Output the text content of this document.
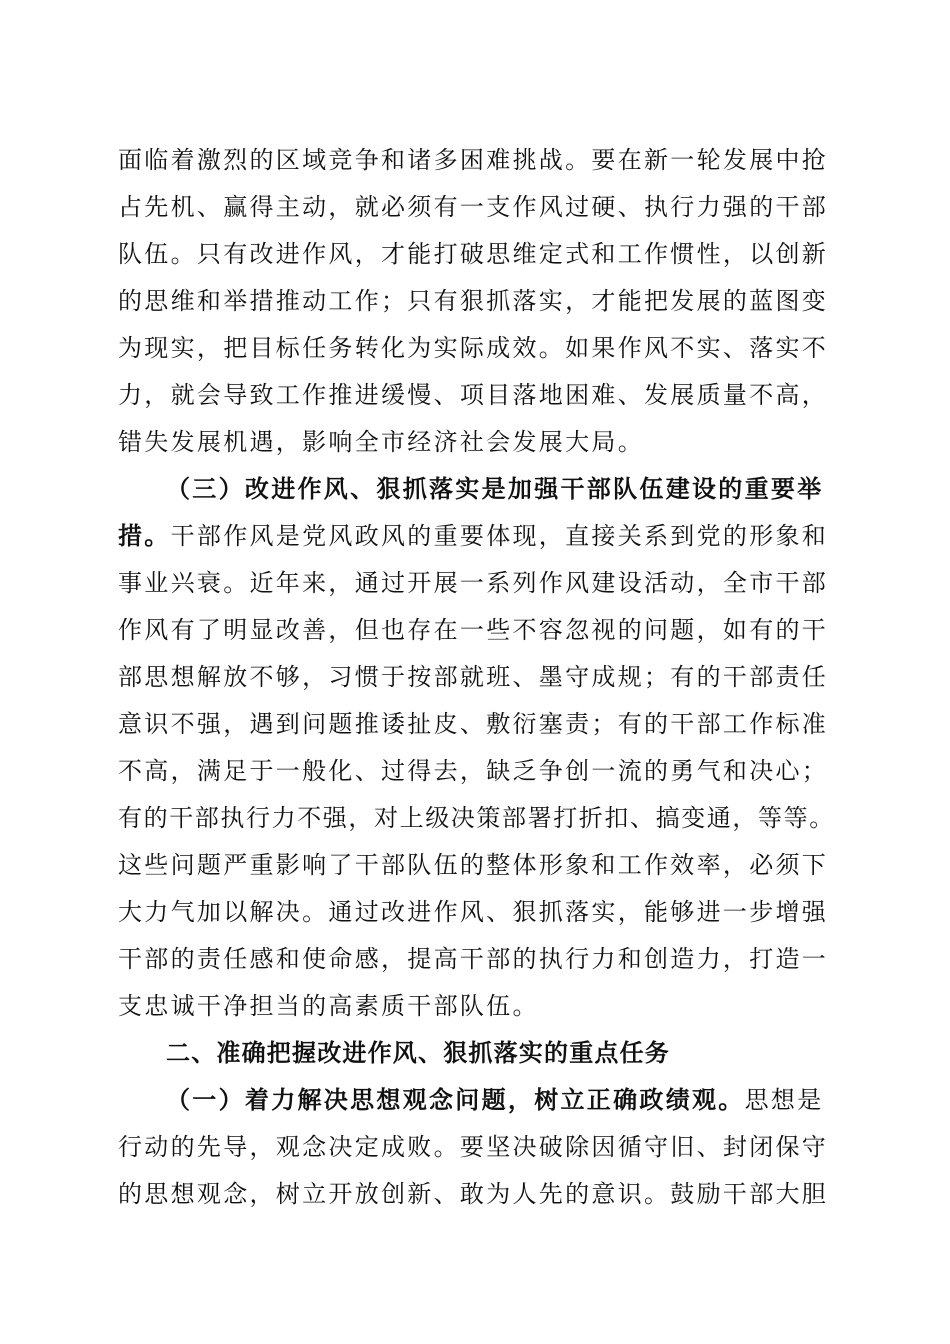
面临着激烈的区域竞争和诸多困难挑战。要在新一轮发展中抢
占先机、赢得主动，就必须有一支作风过硬、执行力强的干部
队伍。只有改进作风，才能打破思维定式和工作惯性，以创新
的思维和举措推动工作；只有狠抓落实，才能把发展的蓝图变
为现实，把目标任务转化为实际成效。如果作风不实、落实不
力，就会导致工作推进缓慢、项目落地困难、发展质量不高，
错失发展机遇，影响全市经济社会发展大局。
（三）改进作风、狠抓落实是加强干部队伍建设的重要举
措。干部作风是党风政风的重要体现，直接关系到党的形象和
事业兴衰。近年来，通过开展一系列作风建设活动，全市干部
作风有了明显改善，但也存在一些不容忽视的问题，如有的干
部思想解放不够，习惯于按部就班、墨守成规；有的干部责任
意识不强，遇到问题推诿扯皮、敷衍塞责；有的干部工作标准
不高，满足于一般化、过得去，缺乏争创一流的勇气和决心；
有的干部执行力不强，对上级决策部署打折扣、搞变通，等等。
这些问题严重影响了干部队伍的整体形象和工作效率，必须下
大力气加以解决。通过改进作风、狠抓落实，能够进一步增强
干部的责任感和使命感，提高干部的执行力和创造力，打造一
支忠诚干净担当的高素质干部队伍。
二、准确把握改进作风、狠抓落实的重点任务
（一）着力解决思想观念问题，树立正确政绩观。思想是
行动的先导，观念决定成败。要坚决破除因循守旧、封闭保守
的思想观念，树立开放创新、敢为人先的意识。鼓励干部大胆
